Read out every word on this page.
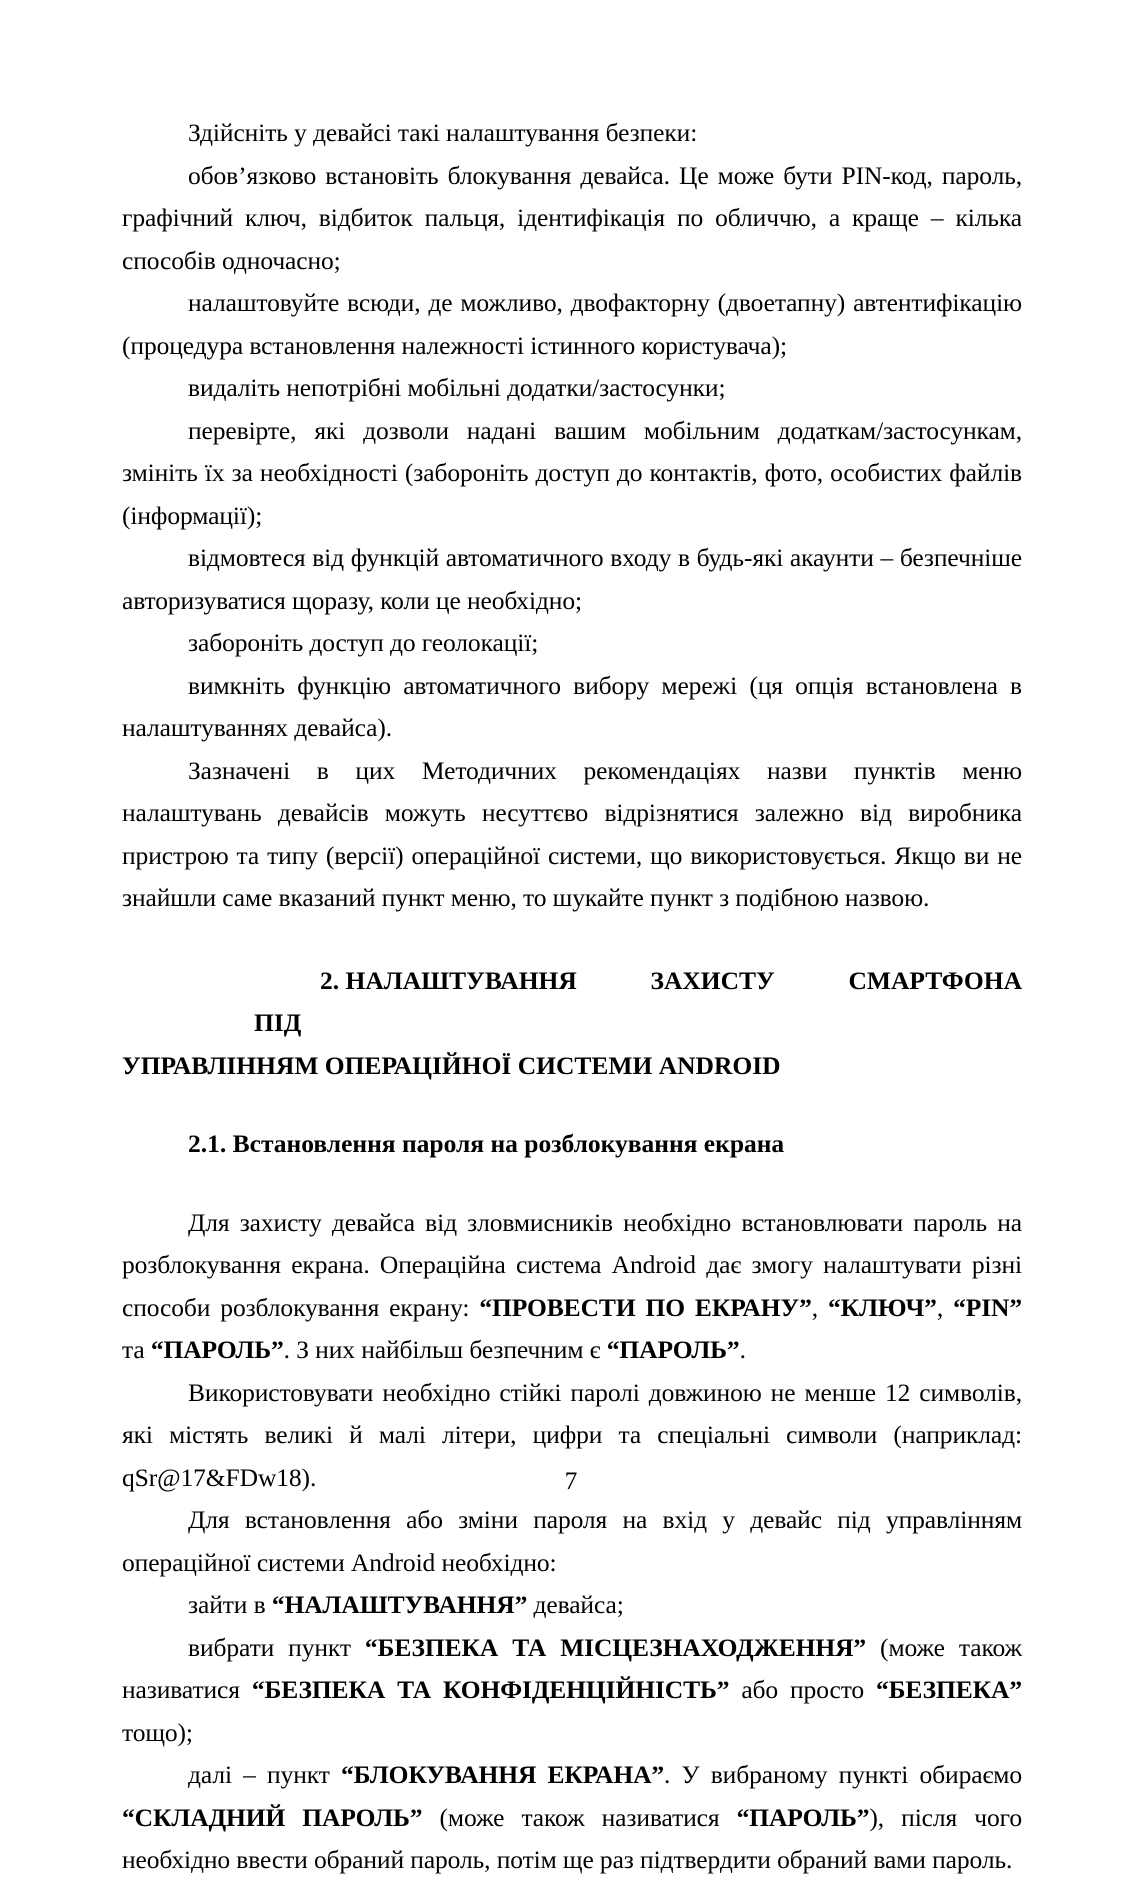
Здійсніть у девайсі такі налаштування безпеки:

обов’язково встановіть блокування девайса. Це може бути PIN-код, пароль, графічний ключ, відбиток пальця, ідентифікація по обличчю, а краще – кілька способів одночасно;

налаштовуйте всюди, де можливо, двофакторну (двоетапну) автентифікацію (процедура встановлення належності істинного користувача);

видаліть непотрібні мобільні додатки/застосунки;

перевірте, які дозволи надані вашим мобільним додаткам/застосункам, змініть їх за необхідності (забороніть доступ до контактів, фото, особистих файлів (інформації);

відмовтеся від функцій автоматичного входу в будь-які акаунти – безпечніше авторизуватися щоразу, коли це необхідно;

забороніть доступ до геолокації;

вимкніть функцію автоматичного вибору мережі (ця опція встановлена в налаштуваннях девайса).

Зазначені в цих Методичних рекомендаціях назви пунктів меню налаштувань девайсів можуть несуттєво відрізнятися залежно від виробника пристрою та типу (версії) операційної системи, що використовується. Якщо ви не знайшли саме вказаний пункт меню, то шукайте пункт з подібною назвою.

2. НАЛАШТУВАННЯ	ЗАХИСТУ	СМАРТФОНА ПІД
УПРАВЛІННЯМ ОПЕРАЦІЙНОЇ СИСТЕМИ ANDROID
2.1. Встановлення пароля на розблокування екрана

Для захисту девайса від зловмисників необхідно встановлювати пароль на розблокування екрана. Операційна система Android дає змогу налаштувати різні способи розблокування екрану: “ПРОВЕСТИ ПО ЕКРАНУ”, “КЛЮЧ”, “PIN” та “ПАРОЛЬ”. З них найбільш безпечним є “ПАРОЛЬ”.

Використовувати необхідно стійкі паролі довжиною не менше 12 символів, які містять великі й малі літери, цифри та спеціальні символи (наприклад: qSr@17&FDw18).

Для встановлення або зміни пароля на вхід у девайс під управлінням операційної системи Android необхідно:

зайти в “НАЛАШТУВАННЯ” девайса;

вибрати пункт “БЕЗПЕКА ТА МІСЦЕЗНАХОДЖЕННЯ” (може також називатися “БЕЗПЕКА ТА КОНФІДЕНЦІЙНІСТЬ” або просто “БЕЗПЕКА” тощо);

далі – пункт “БЛОКУВАННЯ ЕКРАНА”. У вибраному пункті обираємо “СКЛАДНИЙ ПАРОЛЬ” (може також називатися “ПАРОЛЬ”), після чого необхідно ввести обраний пароль, потім ще раз підтвердити обраний вами пароль.

7
